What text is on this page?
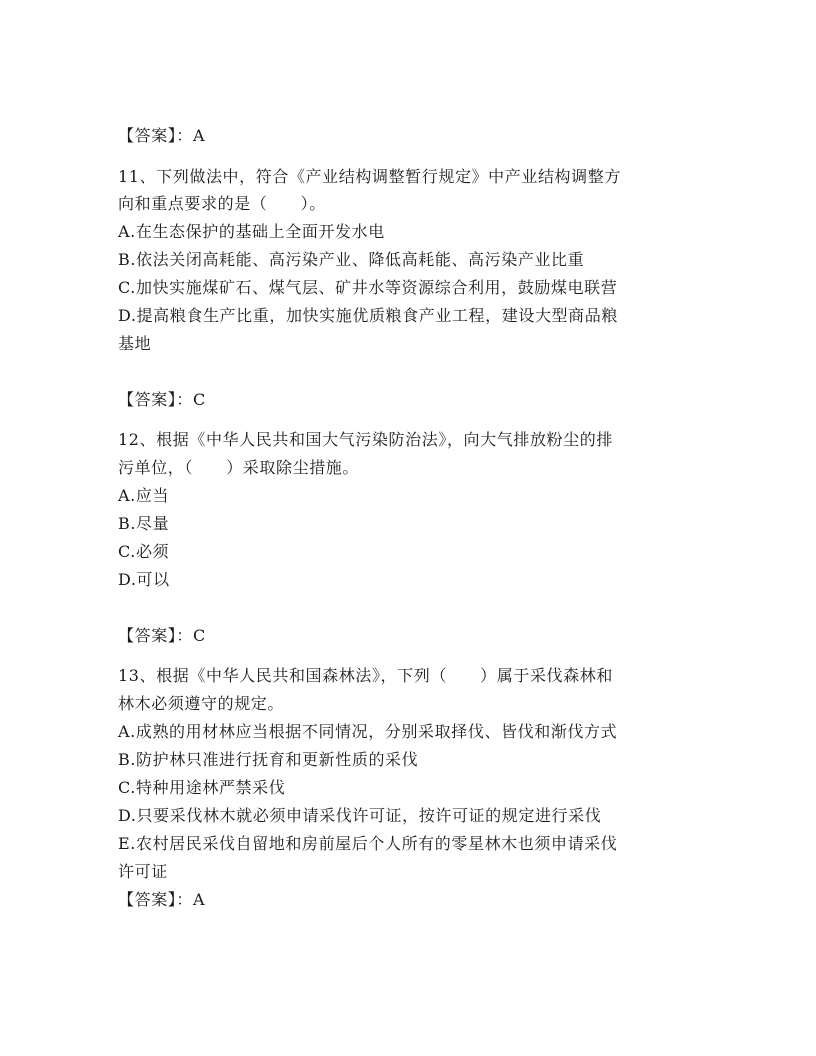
【答案】：A
11、下列做法中，符合《产业结构调整暂行规定》中产业结构调整方
向和重点要求的是（　　）。
A.在生态保护的基础上全面开发水电
B.依法关闭高耗能、高污染产业、降低高耗能、高污染产业比重
C.加快实施煤矿石、煤气层、矿井水等资源综合利用，鼓励煤电联营
D.提高粮食生产比重，加快实施优质粮食产业工程，建设大型商品粮
基地
【答案】：C
12、根据《中华人民共和国大气污染防治法》，向大气排放粉尘的排
污单位，（　　）采取除尘措施。
A.应当
B.尽量
C.必须
D.可以
【答案】：C
13、根据《中华人民共和国森林法》，下列（　　）属于采伐森林和
林木必须遵守的规定。
A.成熟的用材林应当根据不同情况，分别采取择伐、皆伐和渐伐方式
B.防护林只准进行抚育和更新性质的采伐
C.特种用途林严禁采伐
D.只要采伐林木就必须申请采伐许可证，按许可证的规定进行采伐
E.农村居民采伐自留地和房前屋后个人所有的零星林木也须申请采伐
许可证
【答案】：A
